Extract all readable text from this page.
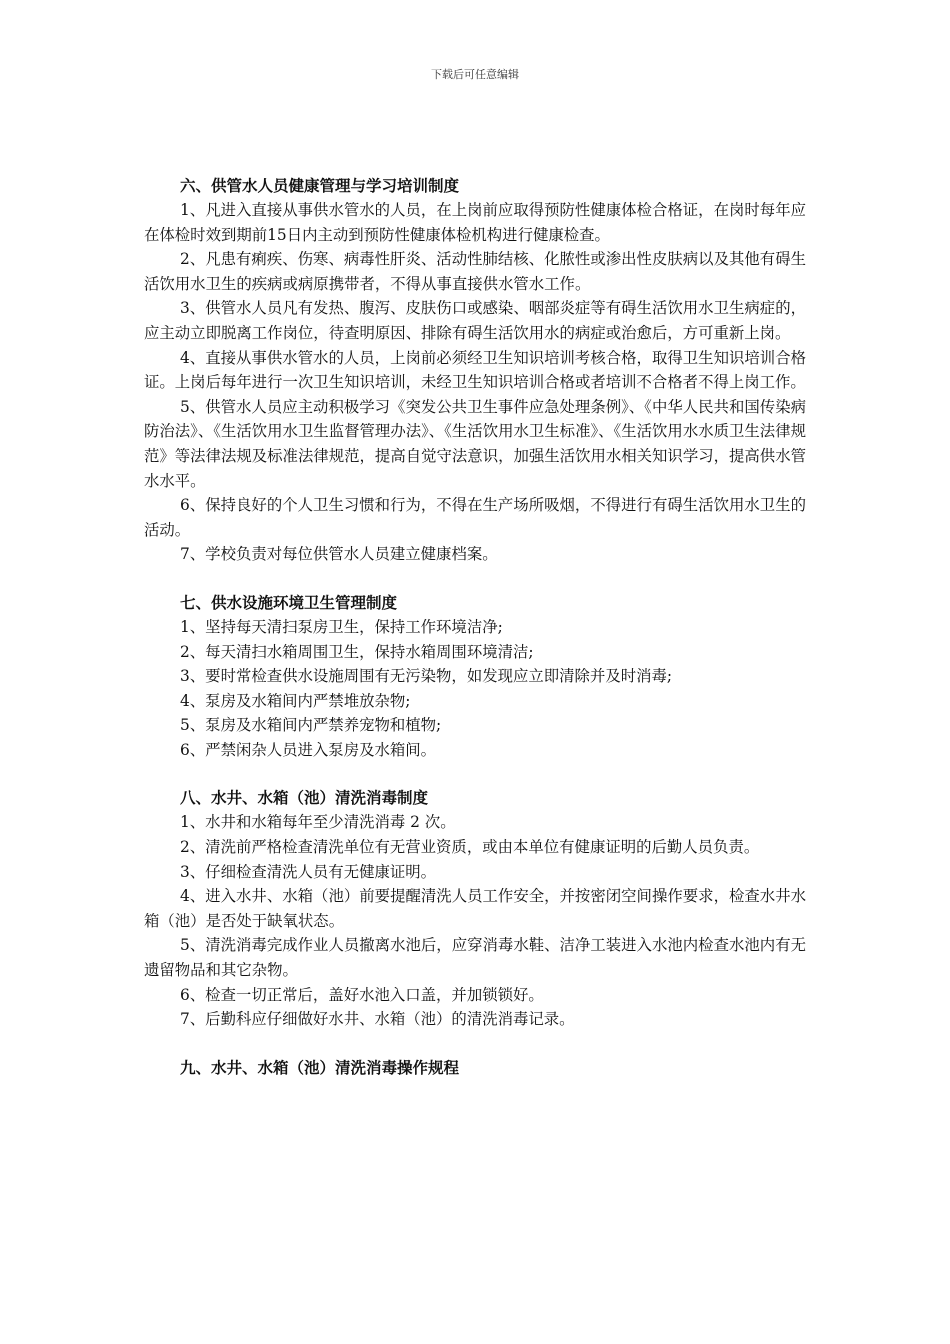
下载后可任意编辑
六、供管水人员健康管理与学习培训制度

1、凡进入直接从事供水管水的人员，在上岗前应取得预防性健康体检合格证，在岗时每年应在体检时效到期前15日内主动到预防性健康体检机构进行健康检查。

2、凡患有痢疾、伤寒、病毒性肝炎、活动性肺结核、化脓性或渗出性皮肤病以及其他有碍生活饮用水卫生的疾病或病原携带者，不得从事直接供水管水工作。

3、供管水人员凡有发热、腹泻、皮肤伤口或感染、咽部炎症等有碍生活饮用水卫生病症的，应主动立即脱离工作岗位，待查明原因、排除有碍生活饮用水的病症或治愈后，方可重新上岗。

4、直接从事供水管水的人员，上岗前必须经卫生知识培训考核合格，取得卫生知识培训合格证。上岗后每年进行一次卫生知识培训，未经卫生知识培训合格或者培训不合格者不得上岗工作。

5、供管水人员应主动积极学习《突发公共卫生事件应急处理条例》、《中华人民共和国传染病防治法》、《生活饮用水卫生监督管理办法》、《生活饮用水卫生标准》、《生活饮用水水质卫生法律规范》等法律法规及标准法律规范，提高自觉守法意识，加强生活饮用水相关知识学习，提高供水管水水平。

6、保持良好的个人卫生习惯和行为，不得在生产场所吸烟，不得进行有碍生活饮用水卫生的活动。

7、学校负责对每位供管水人员建立健康档案。

七、供水设施环境卫生管理制度

1、坚持每天清扫泵房卫生，保持工作环境洁净;

2、每天清扫水箱周围卫生，保持水箱周围环境清洁;

3、要时常检查供水设施周围有无污染物，如发现应立即清除并及时消毒;

4、泵房及水箱间内严禁堆放杂物;

5、泵房及水箱间内严禁养宠物和植物;

6、严禁闲杂人员进入泵房及水箱间。

八、水井、水箱（池）清洗消毒制度

1、水井和水箱每年至少清洗消毒 2 次。

2、清洗前严格检查清洗单位有无营业资质，或由本单位有健康证明的后勤人员负责。

3、仔细检查清洗人员有无健康证明。

4、进入水井、水箱（池）前要提醒清洗人员工作安全，并按密闭空间操作要求，检查水井水箱（池）是否处于缺氧状态。

5、清洗消毒完成作业人员撤离水池后，应穿消毒水鞋、洁净工装进入水池内检查水池内有无遗留物品和其它杂物。

6、检查一切正常后，盖好水池入口盖，并加锁锁好。

7、后勤科应仔细做好水井、水箱（池）的清洗消毒记录。

九、水井、水箱（池）清洗消毒操作规程
